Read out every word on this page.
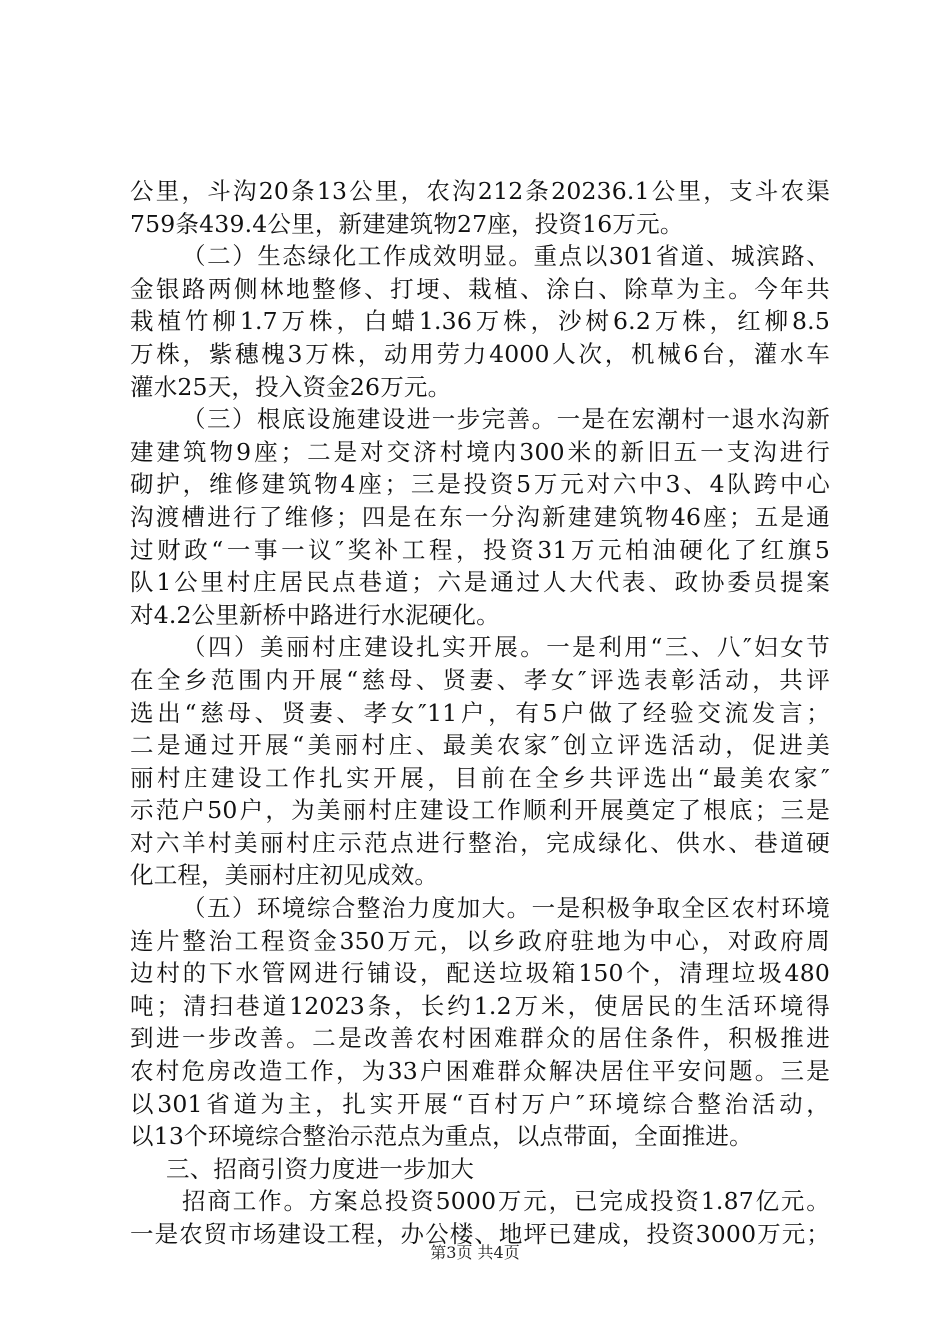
公里，斗沟20条13公里，农沟212条20236.1公里，支斗农渠
759条439.4公里，新建建筑物27座，投资16万元。
（二）生态绿化工作成效明显。重点以301省道、城滨路、
金银路两侧林地整修、打埂、栽植、涂白、除草为主。今年共
栽植竹柳1.7万株，白蜡1.36万株，沙树6.2万株，红柳8.5
万株，紫穗槐3万株，动用劳力4000人次，机械6台，灌水车
灌水25天，投入资金26万元。
（三）根底设施建设进一步完善。一是在宏潮村一退水沟新
建建筑物9座；二是对交济村境内300米的新旧五一支沟进行
砌护，维修建筑物4座；三是投资5万元对六中3、4队跨中心
沟渡槽进行了维修；四是在东一分沟新建建筑物46座；五是通
过财政“一事一议″奖补工程，投资31万元柏油硬化了红旗5
队1公里村庄居民点巷道；六是通过人大代表、政协委员提案
对4.2公里新桥中路进行水泥硬化。
（四）美丽村庄建设扎实开展。一是利用“三、八″妇女节
在全乡范围内开展“慈母、贤妻、孝女″评选表彰活动，共评
选出“慈母、贤妻、孝女″11户，有5户做了经验交流发言；
二是通过开展“美丽村庄、最美农家″创立评选活动，促进美
丽村庄建设工作扎实开展，目前在全乡共评选出“最美农家″
示范户50户，为美丽村庄建设工作顺利开展奠定了根底；三是
对六羊村美丽村庄示范点进行整治，完成绿化、供水、巷道硬
化工程，美丽村庄初见成效。
（五）环境综合整治力度加大。一是积极争取全区农村环境
连片整治工程资金350万元，以乡政府驻地为中心，对政府周
边村的下水管网进行铺设，配送垃圾箱150个，清理垃圾480
吨；清扫巷道12023条，长约1.2万米，使居民的生活环境得
到进一步改善。二是改善农村困难群众的居住条件，积极推进
农村危房改造工作，为33户困难群众解决居住平安问题。三是
以301省道为主，扎实开展“百村万户″环境综合整治活动，
以13个环境综合整治示范点为重点，以点带面，全面推进。
三、招商引资力度进一步加大
招商工作。方案总投资5000万元，已完成投资1.87亿元。
一是农贸市场建设工程，办公楼、地坪已建成，投资3000万元；
第3页 共4页
